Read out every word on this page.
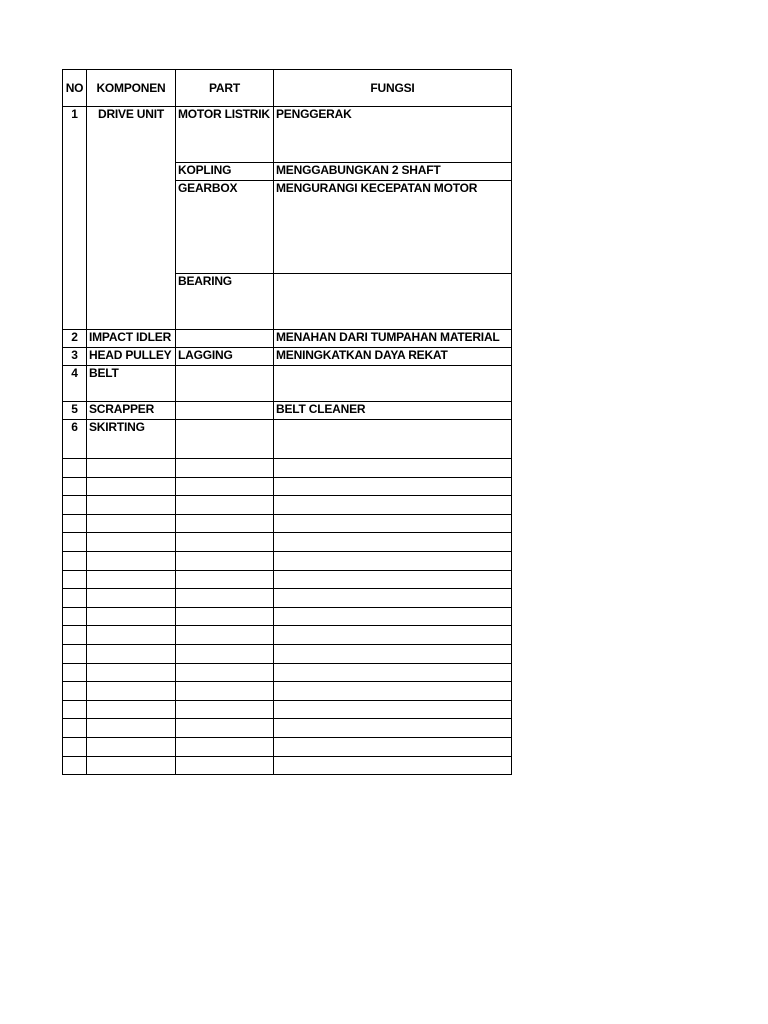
NO	KOMPONEN	PART	FUNGSI
1	DRIVE UNIT	MOTOR LISTRIK	PENGGERAK
		KOPLING	MENGGABUNGKAN 2 SHAFT
		GEARBOX	MENGURANGI KECEPATAN MOTOR
		BEARING	
2	IMPACT IDLER		MENAHAN DARI TUMPAHAN MATERIAL
3	HEAD PULLEY	LAGGING	MENINGKATKAN DAYA REKAT
4	BELT		
5	SCRAPPER		BELT CLEANER
6	SKIRTING		
